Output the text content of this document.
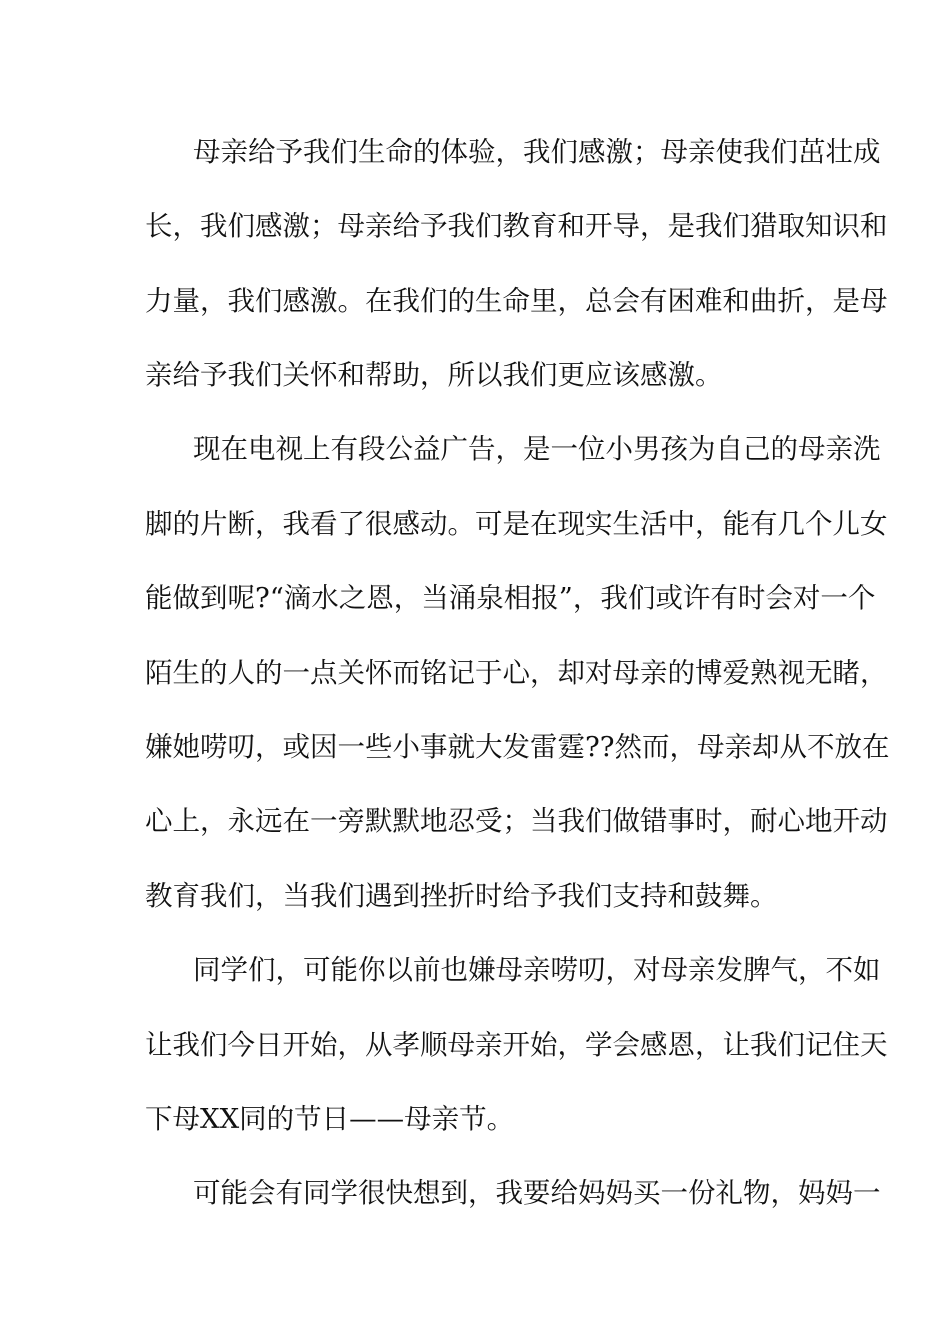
母亲给予我们生命的体验，我们感激；母亲使我们茁壮成
长，我们感激；母亲给予我们教育和开导，是我们猎取知识和
力量，我们感激。在我们的生命里，总会有困难和曲折，是母
亲给予我们关怀和帮助，所以我们更应该感激。
现在电视上有段公益广告，是一位小男孩为自己的母亲洗
脚的片断，我看了很感动。可是在现实生活中，能有几个儿女
能做到呢?“滴水之恩，当涌泉相报”，我们或许有时会对一个
陌生的人的一点关怀而铭记于心，却对母亲的博爱熟视无睹，
嫌她唠叨，或因一些小事就大发雷霆??然而，母亲却从不放在
心上，永远在一旁默默地忍受；当我们做错事时，耐心地开动
教育我们，当我们遇到挫折时给予我们支持和鼓舞。
同学们，可能你以前也嫌母亲唠叨，对母亲发脾气，不如
让我们今日开始，从孝顺母亲开始，学会感恩，让我们记住天
下母XX同的节日——母亲节。
可能会有同学很快想到，我要给妈妈买一份礼物，妈妈一
